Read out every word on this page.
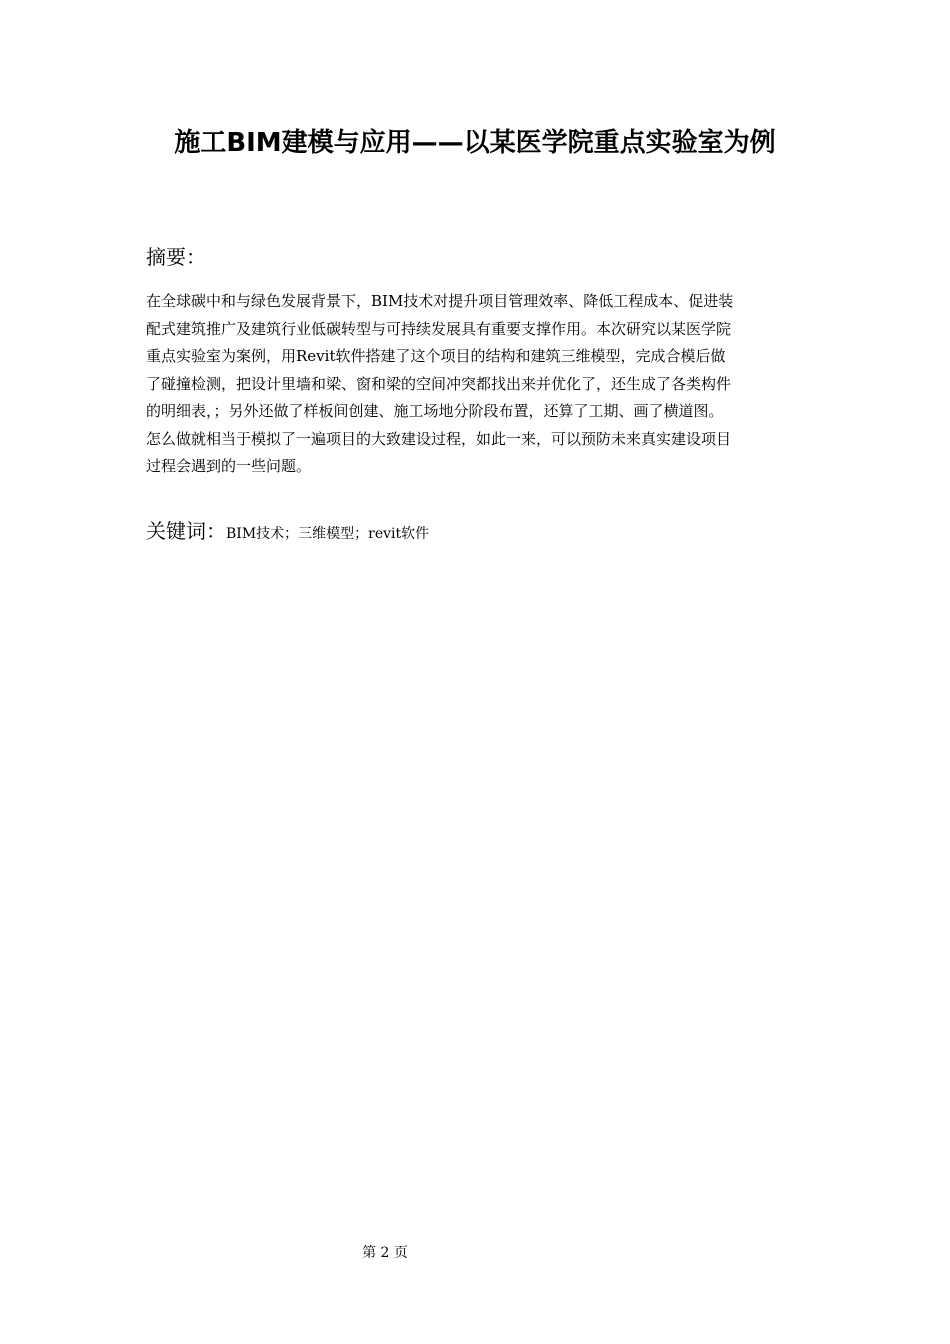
施工BIM建模与应用——以某医学院重点实验室为例
摘要：
在全球碳中和与绿色发展背景下，BIM技术对提升项目管理效率、降低工程成本、促进装
配式建筑推广及建筑行业低碳转型与可持续发展具有重要支撑作用。本次研究以某医学院
重点实验室为案例，用Revit软件搭建了这个项目的结构和建筑三维模型，完成合模后做
了碰撞检测，把设计里墙和梁、窗和梁的空间冲突都找出来并优化了，还生成了各类构件
的明细表，；另外还做了样板间创建、施工场地分阶段布置，还算了工期、画了横道图。
怎么做就相当于模拟了一遍项目的大致建设过程，如此一来，可以预防未来真实建设项目
过程会遇到的一些问题。
关键词：BIM技术；三维模型；revit软件
第 2 页
